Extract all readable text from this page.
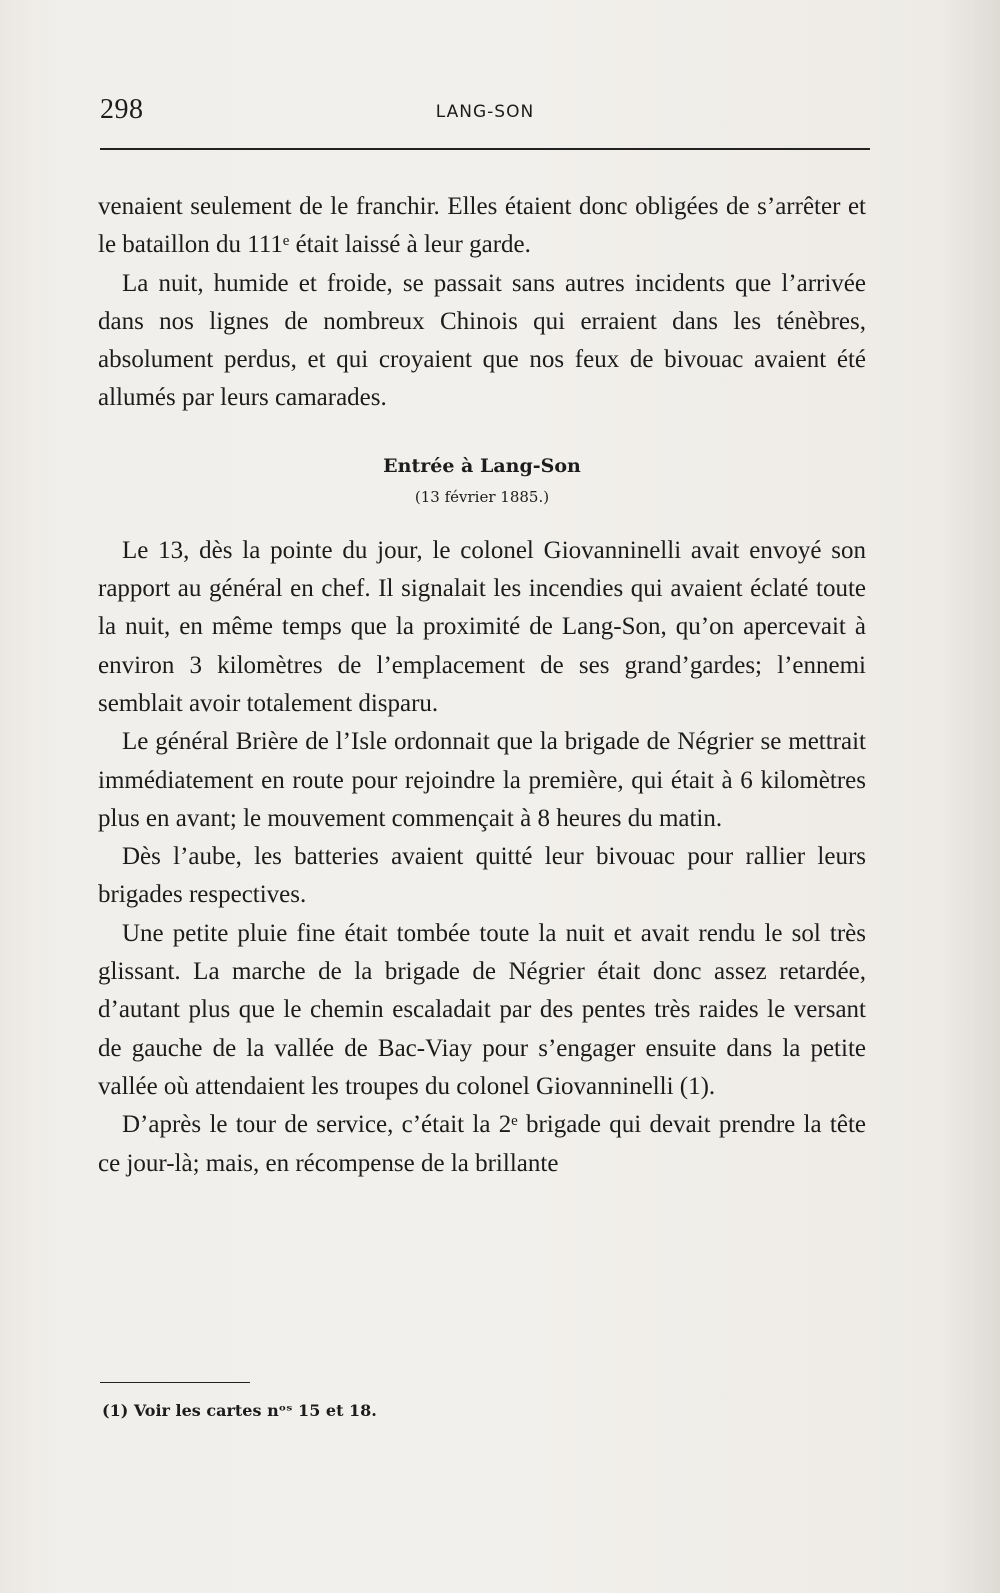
298	LANG-SON

venaient seulement de le franchir. Elles étaient donc obligées de s’arrêter et le bataillon du 111ᵉ était laissé à leur garde.

La nuit, humide et froide, se passait sans autres incidents que l’arrivée dans nos lignes de nombreux Chinois qui erraient dans les ténèbres, absolument perdus, et qui croyaient que nos feux de bivouac avaient été allumés par leurs camarades.

Entrée à Lang-Son
(13 février 1885.)

Le 13, dès la pointe du jour, le colonel Giovanninelli avait envoyé son rapport au général en chef. Il signalait les incendies qui avaient éclaté toute la nuit, en même temps que la proximité de Lang-Son, qu’on apercevait à environ 3 kilomètres de l’emplacement de ses grand’gardes; l’ennemi semblait avoir totalement disparu.

Le général Brière de l’Isle ordonnait que la brigade de Négrier se mettrait immédiatement en route pour rejoindre la première, qui était à 6 kilomètres plus en avant; le mouvement commençait à 8 heures du matin.

Dès l’aube, les batteries avaient quitté leur bivouac pour rallier leurs brigades respectives.

Une petite pluie fine était tombée toute la nuit et avait rendu le sol très glissant. La marche de la brigade de Négrier était donc assez retardée, d’autant plus que le chemin escaladait par des pentes très raides le versant de gauche de la vallée de Bac-Viay pour s’engager ensuite dans la petite vallée où attendaient les troupes du colonel Giovanninelli (1).

D’après le tour de service, c’était la 2ᵉ brigade qui devait prendre la tête ce jour-là; mais, en récompense de la brillante

(1) Voir les cartes nᵒˢ 15 et 18.
